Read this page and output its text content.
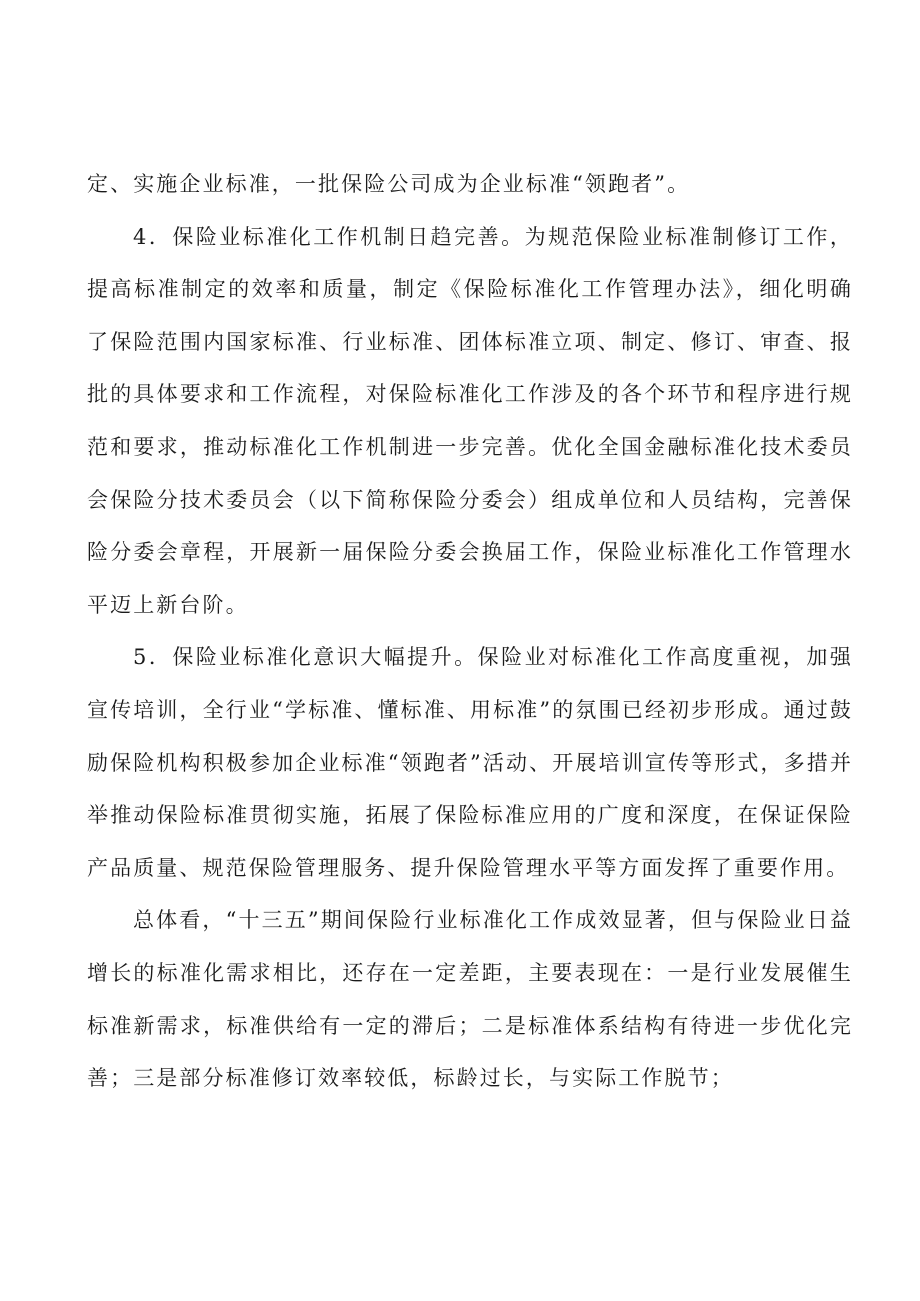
定、实施企业标准，一批保险公司成为企业标准“领跑者”。

4．保险业标准化工作机制日趋完善。为规范保险业标准制修订工作，提高标准制定的效率和质量，制定《保险标准化工作管理办法》，细化明确了保险范围内国家标准、行业标准、团体标准立项、制定、修订、审查、报批的具体要求和工作流程，对保险标准化工作涉及的各个环节和程序进行规范和要求，推动标准化工作机制进一步完善。优化全国金融标准化技术委员会保险分技术委员会（以下简称保险分委会）组成单位和人员结构，完善保险分委会章程，开展新一届保险分委会换届工作，保险业标准化工作管理水平迈上新台阶。

5．保险业标准化意识大幅提升。保险业对标准化工作高度重视，加强宣传培训，全行业“学标准、懂标准、用标准”的氛围已经初步形成。通过鼓励保险机构积极参加企业标准“领跑者”活动、开展培训宣传等形式，多措并举推动保险标准贯彻实施，拓展了保险标准应用的广度和深度，在保证保险产品质量、规范保险管理服务、提升保险管理水平等方面发挥了重要作用。

总体看，“十三五”期间保险行业标准化工作成效显著，但与保险业日益增长的标准化需求相比，还存在一定差距，主要表现在：一是行业发展催生标准新需求，标准供给有一定的滞后；二是标准体系结构有待进一步优化完善；三是部分标准修订效率较低，标龄过长，与实际工作脱节；
